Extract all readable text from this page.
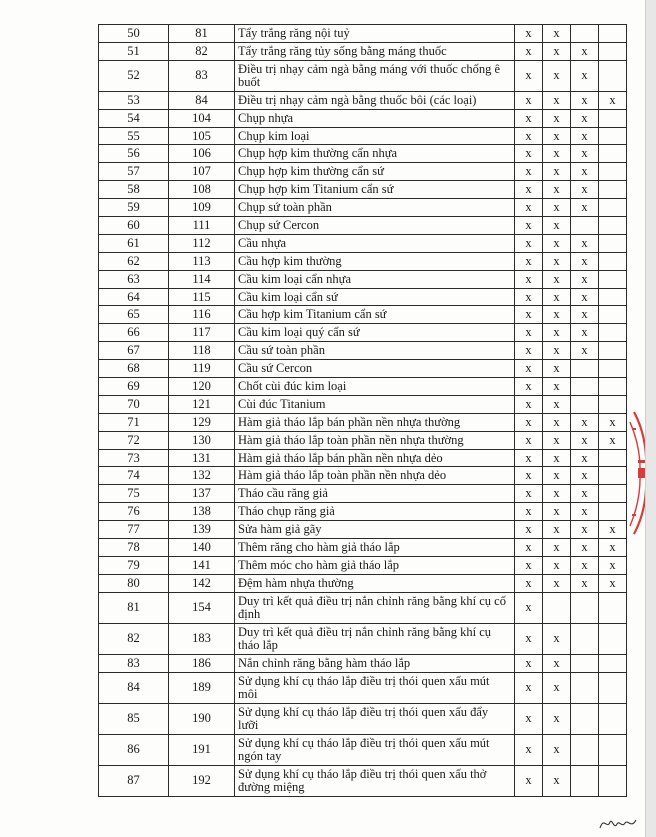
50	81	Tẩy trắng răng nội tuỷ	x	x		
51	82	Tẩy trắng răng tủy sống bằng máng thuốc	x	x	x	
52	83	Điều trị nhạy cảm ngà bằng máng với thuốc chống ê buốt	x	x	x	
53	84	Điều trị nhạy cảm ngà bằng thuốc bôi (các loại)	x	x	x	x
54	104	Chụp nhựa	x	x	x	
55	105	Chụp kim loại	x	x	x	
56	106	Chụp hợp kim thường cẩn nhựa	x	x	x	
57	107	Chụp hợp kim thường cẩn sứ	x	x	x	
58	108	Chụp hợp kim Titanium cẩn sứ	x	x	x	
59	109	Chụp sứ toàn phần	x	x	x	
60	111	Chụp sứ Cercon	x	x		
61	112	Cầu nhựa	x	x	x	
62	113	Cầu hợp kim thường	x	x	x	
63	114	Cầu kim loại cẩn nhựa	x	x	x	
64	115	Cầu kim loại cẩn sứ	x	x	x	
65	116	Cầu hợp kim Titanium cẩn sứ	x	x	x	
66	117	Cầu kim loại quý cẩn sứ	x	x	x	
67	118	Cầu sứ toàn phần	x	x	x	
68	119	Cầu sứ Cercon	x	x		
69	120	Chốt cùi đúc kim loại	x	x		
70	121	Cùi đúc Titanium	x	x		
71	129	Hàm giả tháo lắp bán phần nền nhựa thường	x	x	x	x
72	130	Hàm giả tháo lắp toàn phần nền nhựa thường	x	x	x	x
73	131	Hàm giả tháo lắp bán phần nền nhựa dẻo	x	x	x	
74	132	Hàm giả tháo lắp toàn phần nền nhựa dẻo	x	x	x	
75	137	Tháo cầu răng giả	x	x	x	
76	138	Tháo chụp răng giả	x	x	x	
77	139	Sửa hàm giả gãy	x	x	x	x
78	140	Thêm răng cho hàm giả tháo lắp	x	x	x	x
79	141	Thêm móc cho hàm giả tháo lắp	x	x	x	x
80	142	Đệm hàm nhựa thường	x	x	x	x
81	154	Duy trì kết quả điều trị nắn chỉnh răng bằng khí cụ cố định	x			
82	183	Duy trì kết quả điều trị nắn chỉnh răng bằng khí cụ tháo lắp	x	x		
83	186	Nắn chỉnh răng bằng hàm tháo lắp	x	x		
84	189	Sử dụng khí cụ tháo lắp điều trị thói quen xấu mút môi	x	x		
85	190	Sử dụng khí cụ tháo lắp điều trị thói quen xấu đẩy lưỡi	x	x		
86	191	Sử dụng khí cụ tháo lắp điều trị thói quen xấu mút ngón tay	x	x		
87	192	Sử dụng khí cụ tháo lắp điều trị thói quen xấu thở đường miệng	x	x		
